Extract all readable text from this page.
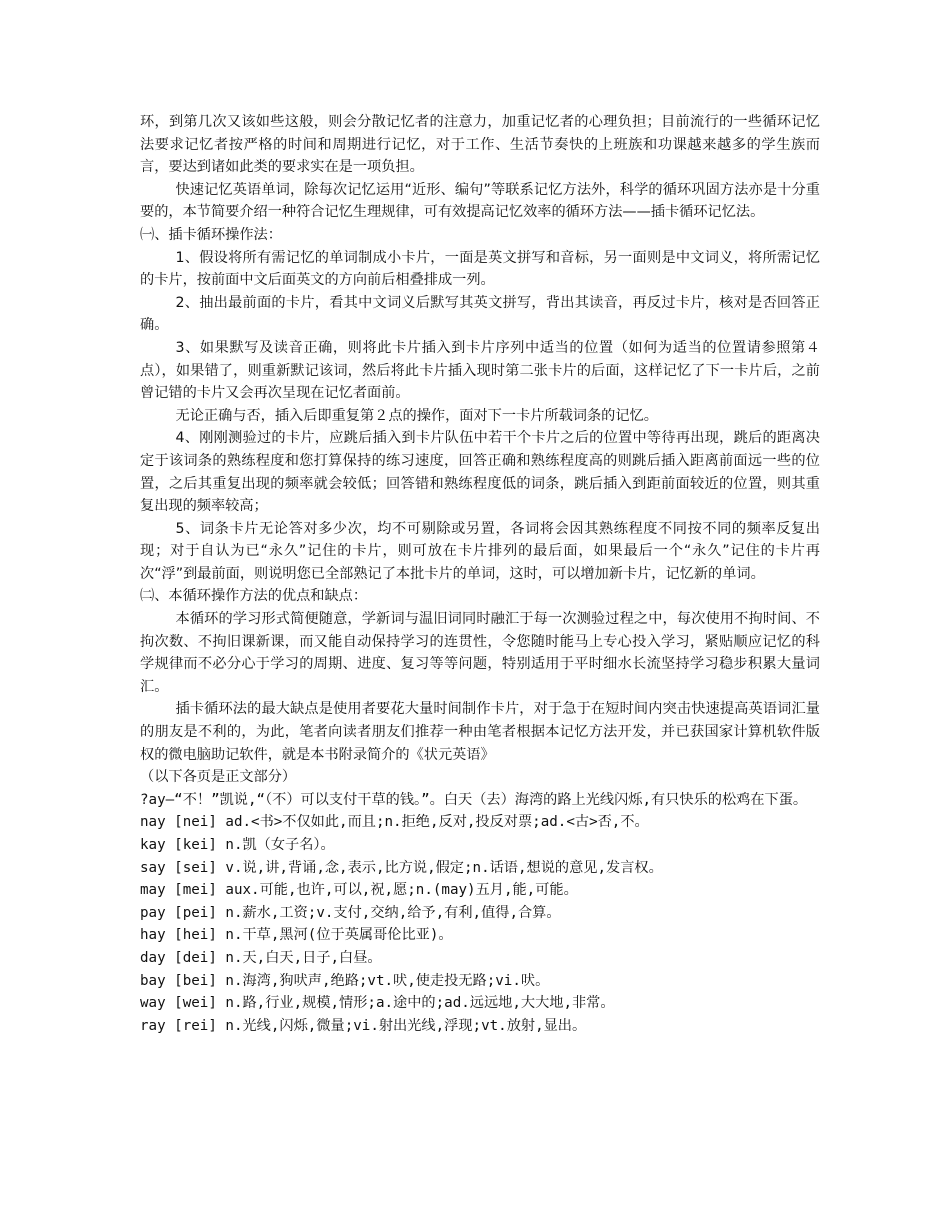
环，到第几次又该如些这般，则会分散记忆者的注意力，加重记忆者的心理负担；目前流行的一些循环记忆法要求记忆者按严格的时间和周期进行记忆，对于工作、生活节奏快的上班族和功课越来越多的学生族而言，要达到诸如此类的要求实在是一项负担。

快速记忆英语单词，除每次记忆运用“近形、编句”等联系记忆方法外，科学的循环巩固方法亦是十分重要的，本节简要介绍一种符合记忆生理规律，可有效提高记忆效率的循环方法——插卡循环记忆法。

㈠、插卡循环操作法：

1、假设将所有需记忆的单词制成小卡片，一面是英文拼写和音标，另一面则是中文词义，将所需记忆的卡片，按前面中文后面英文的方向前后相叠排成一列。

2、抽出最前面的卡片，看其中文词义后默写其英文拼写，背出其读音，再反过卡片，核对是否回答正确。

3、如果默写及读音正确，则将此卡片插入到卡片序列中适当的位置（如何为适当的位置请参照第４点），如果错了，则重新默记该词，然后将此卡片插入现时第二张卡片的后面，这样记忆了下一卡片后，之前曾记错的卡片又会再次呈现在记忆者面前。

无论正确与否，插入后即重复第２点的操作，面对下一卡片所载词条的记忆。

4、刚刚测验过的卡片，应跳后插入到卡片队伍中若干个卡片之后的位置中等待再出现，跳后的距离决定于该词条的熟练程度和您打算保持的练习速度，回答正确和熟练程度高的则跳后插入距离前面远一些的位置，之后其重复出现的频率就会较低；回答错和熟练程度低的词条，跳后插入到距前面较近的位置，则其重复出现的频率较高；

5、词条卡片无论答对多少次，均不可剔除或另置，各词将会因其熟练程度不同按不同的频率反复出现；对于自认为已“永久”记住的卡片，则可放在卡片排列的最后面，如果最后一个“永久”记住的卡片再次“浮”到最前面，则说明您已全部熟记了本批卡片的单词，这时，可以增加新卡片，记忆新的单词。

㈡、本循环操作方法的优点和缺点：

本循环的学习形式简便随意，学新词与温旧词同时融汇于每一次测验过程之中，每次使用不拘时间、不拘次数、不拘旧课新课，而又能自动保持学习的连贯性，令您随时能马上专心投入学习，紧贴顺应记忆的科学规律而不必分心于学习的周期、进度、复习等等问题，特别适用于平时细水长流坚持学习稳步积累大量词汇。

插卡循环法的最大缺点是使用者要花大量时间制作卡片，对于急于在短时间内突击快速提高英语词汇量的朋友是不利的，为此，笔者向读者朋友们推荐一种由笔者根据本记忆方法开发，并已获国家计算机软件版权的微电脑助记软件，就是本书附录简介的《状元英语》

（以下各页是正文部分）

?ay—“不！”凯说,“（不）可以支付干草的钱。”。白天（去）海湾的路上光线闪烁,有只快乐的松鸡在下蛋。

nay [nei] ad.<书>不仅如此,而且;n.拒绝,反对,投反对票;ad.<古>否,不。

kay [kei] n.凯（女子名）。

say [sei] v.说,讲,背诵,念,表示,比方说,假定;n.话语,想说的意见,发言权。

may [mei] aux.可能,也许,可以,祝,愿;n.(may)五月,能,可能。

pay [pei] n.薪水,工资;v.支付,交纳,给予,有利,值得,合算。

hay [hei] n.干草,黑河(位于英属哥伦比亚)。

day [dei] n.天,白天,日子,白昼。

bay [bei] n.海湾,狗吠声,绝路;vt.吠,使走投无路;vi.吠。

way [wei] n.路,行业,规模,情形;a.途中的;ad.远远地,大大地,非常。

ray [rei] n.光线,闪烁,微量;vi.射出光线,浮现;vt.放射,显出。
